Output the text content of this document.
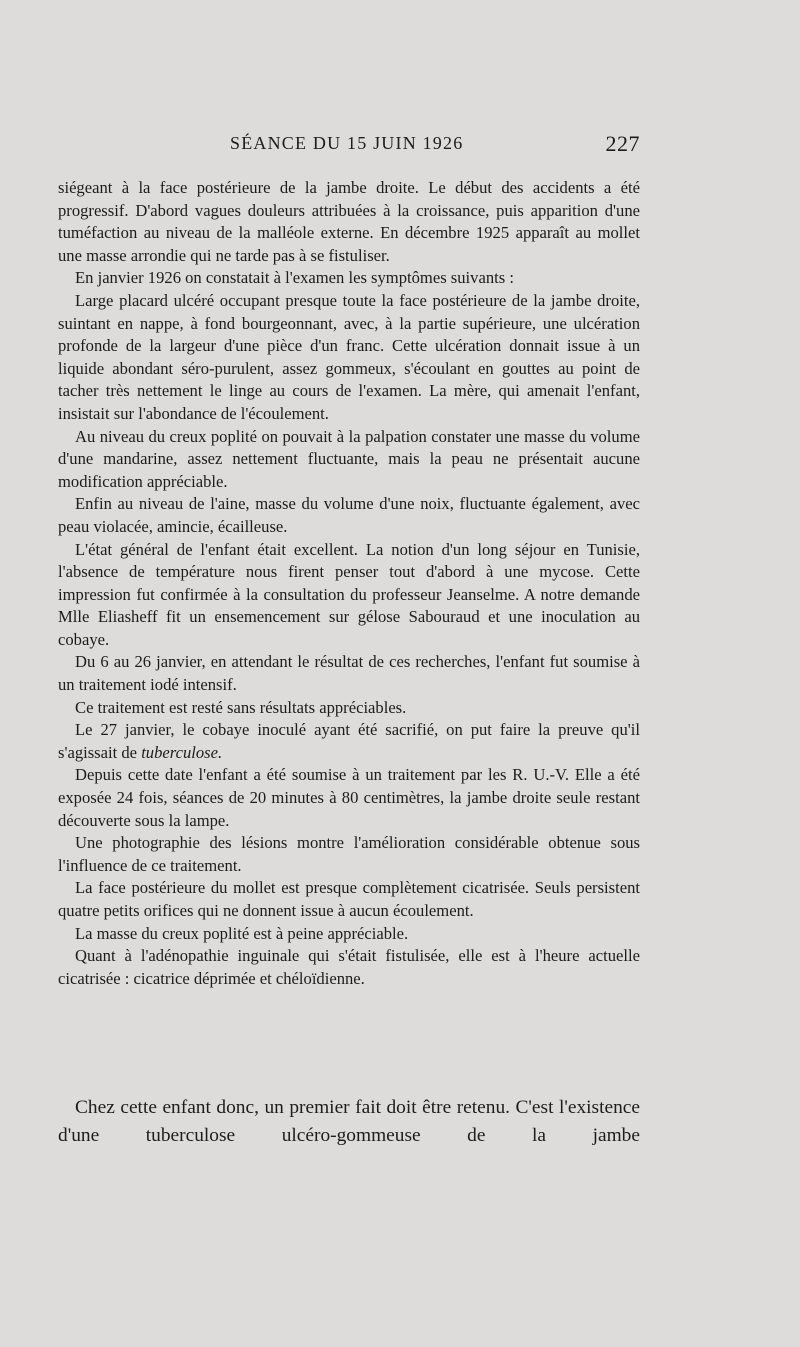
SÉANCE DU 15 JUIN 1926	227

siégeant à la face postérieure de la jambe droite. Le début des accidents a été progressif. D'abord vagues douleurs attribuées à la croissance, puis apparition d'une tuméfaction au niveau de la malléole externe. En décembre 1925 apparaît au mollet une masse arrondie qui ne tarde pas à se fistuliser.

En janvier 1926 on constatait à l'examen les symptômes suivants :

Large placard ulcéré occupant presque toute la face postérieure de la jambe droite, suintant en nappe, à fond bourgeonnant, avec, à la partie supérieure, une ulcération profonde de la largeur d'une pièce d'un franc. Cette ulcération donnait issue à un liquide abondant séro-purulent, assez gommeux, s'écoulant en gouttes au point de tacher très nettement le linge au cours de l'examen. La mère, qui amenait l'enfant, insistait sur l'abondance de l'écoulement.

Au niveau du creux poplité on pouvait à la palpation constater une masse du volume d'une mandarine, assez nettement fluctuante, mais la peau ne présentait aucune modification appréciable.

Enfin au niveau de l'aine, masse du volume d'une noix, fluctuante également, avec peau violacée, amincie, écailleuse.

L'état général de l'enfant était excellent. La notion d'un long séjour en Tunisie, l'absence de température nous firent penser tout d'abord à une mycose. Cette impression fut confirmée à la consultation du professeur Jeanselme. A notre demande Mlle Eliasheff fit un ensemencement sur gélose Sabouraud et une inoculation au cobaye.

Du 6 au 26 janvier, en attendant le résultat de ces recherches, l'enfant fut soumise à un traitement iodé intensif.

Ce traitement est resté sans résultats appréciables.

Le 27 janvier, le cobaye inoculé ayant été sacrifié, on put faire la preuve qu'il s'agissait de tuberculose.

Depuis cette date l'enfant a été soumise à un traitement par les R. U.-V. Elle a été exposée 24 fois, séances de 20 minutes à 80 centimètres, la jambe droite seule restant découverte sous la lampe.

Une photographie des lésions montre l'amélioration considérable obtenue sous l'influence de ce traitement.

La face postérieure du mollet est presque complètement cicatrisée. Seuls persistent quatre petits orifices qui ne donnent issue à aucun écoulement.

La masse du creux poplité est à peine appréciable.

Quant à l'adénopathie inguinale qui s'était fistulisée, elle est à l'heure actuelle cicatrisée : cicatrice déprimée et chéloïdienne.

Chez cette enfant donc, un premier fait doit être retenu. C'est l'existence d'une tuberculose ulcéro-gommeuse de la jambe
